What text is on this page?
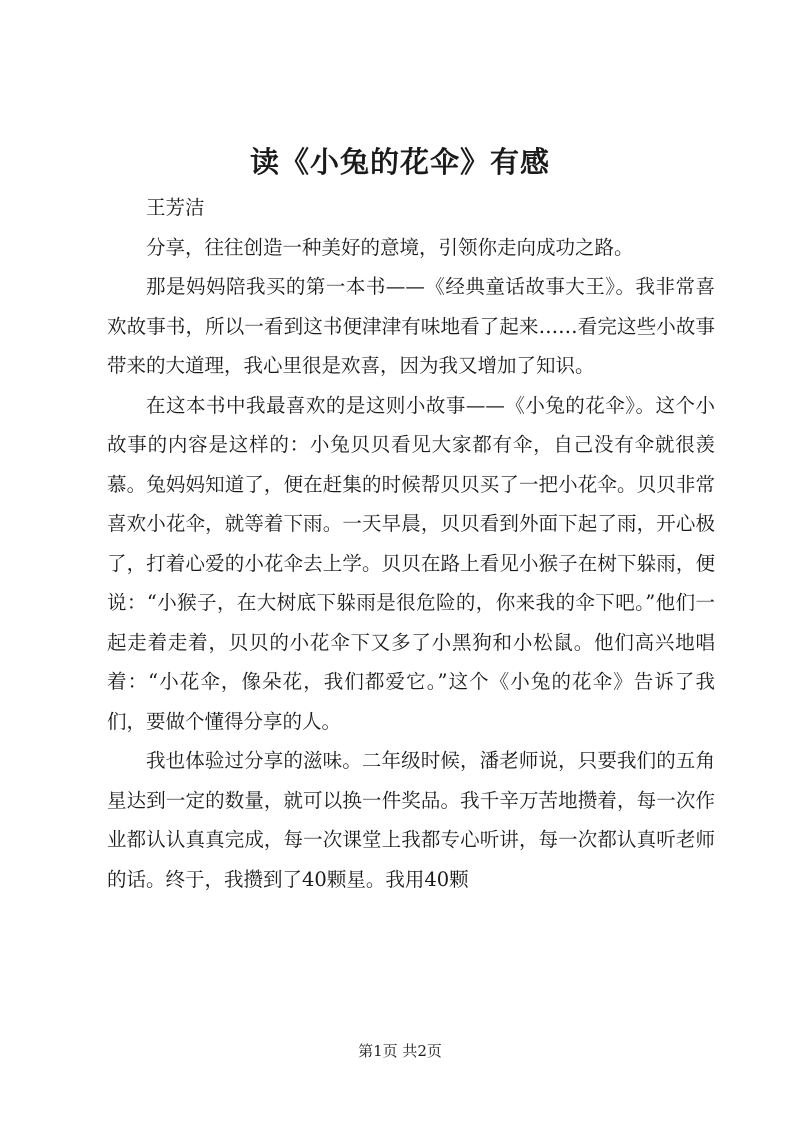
读《小兔的花伞》有感

王芳洁

分享，往往创造一种美好的意境，引领你走向成功之路。

那是妈妈陪我买的第一本书——《经典童话故事大王》。我非常喜欢故事书，所以一看到这书便津津有味地看了起来……看完这些小故事带来的大道理，我心里很是欢喜，因为我又增加了知识。

在这本书中我最喜欢的是这则小故事——《小兔的花伞》。这个小故事的内容是这样的：小兔贝贝看见大家都有伞，自己没有伞就很羡慕。兔妈妈知道了，便在赶集的时候帮贝贝买了一把小花伞。贝贝非常喜欢小花伞，就等着下雨。一天早晨，贝贝看到外面下起了雨，开心极了，打着心爱的小花伞去上学。贝贝在路上看见小猴子在树下躲雨，便说：“小猴子，在大树底下躲雨是很危险的，你来我的伞下吧。”他们一起走着走着，贝贝的小花伞下又多了小黑狗和小松鼠。他们高兴地唱着：“小花伞，像朵花，我们都爱它。”这个《小兔的花伞》告诉了我们，要做个懂得分享的人。

我也体验过分享的滋味。二年级时候，潘老师说，只要我们的五角星达到一定的数量，就可以换一件奖品。我千辛万苦地攒着，每一次作业都认认真真完成，每一次课堂上我都专心听讲，每一次都认真听老师的话。终于，我攒到了40颗星。我用40颗

第1页 共2页
